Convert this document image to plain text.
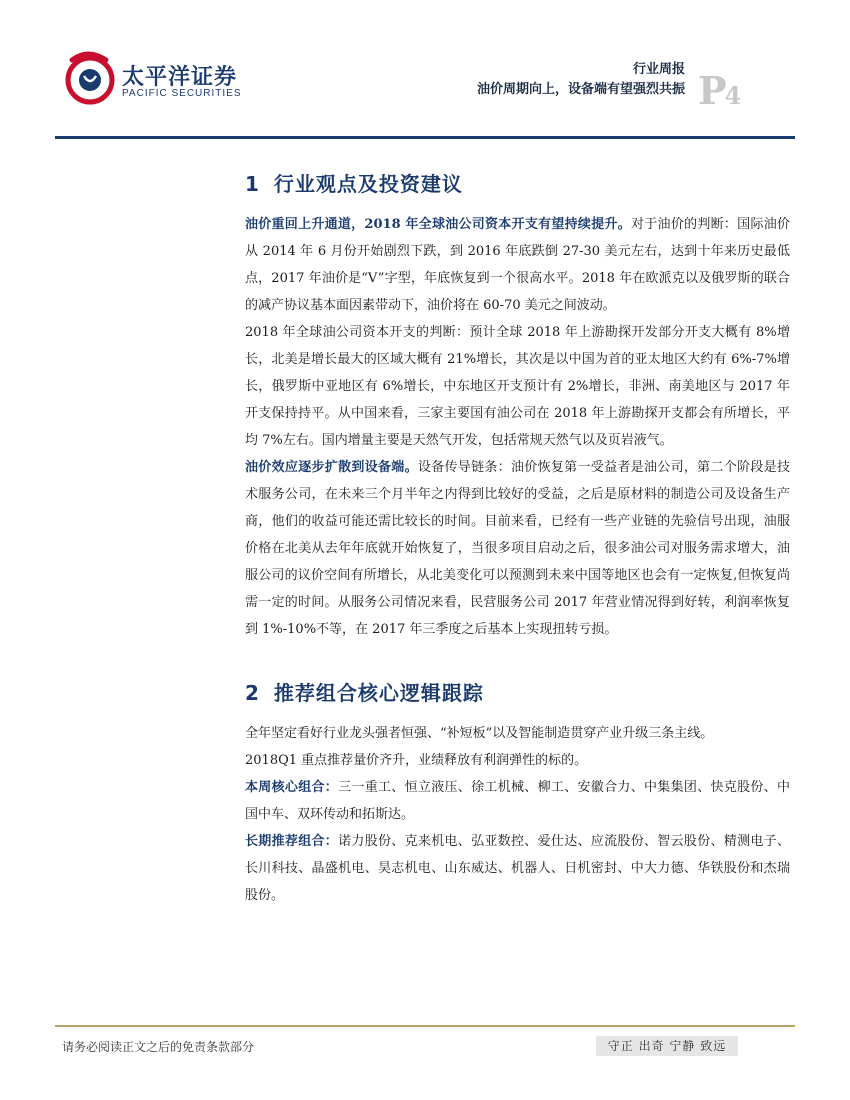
太平洋证券
PACIFIC SECURITIES
行业周报
油价周期向上，设备端有望强烈共振 P4
1 行业观点及投资建议

油价重回上升通道，2018 年全球油公司资本开支有望持续提升。对于油价的判断：国际油价从 2014 年 6 月份开始剧烈下跌，到 2016 年底跌倒 27-30 美元左右，达到十年来历史最低点，2017 年油价是“V”字型，年底恢复到一个很高水平。2018 年在欧派克以及俄罗斯的联合的减产协议基本面因素带动下，油价将在 60-70 美元之间波动。

2018 年全球油公司资本开支的判断：预计全球 2018 年上游勘探开发部分开支大概有 8%增长，北美是增长最大的区域大概有 21%增长，其次是以中国为首的亚太地区大约有 6%-7%增长，俄罗斯中亚地区有 6%增长，中东地区开支预计有 2%增长，非洲、南美地区与 2017 年开支保持持平。从中国来看，三家主要国有油公司在 2018 年上游勘探开支都会有所增长，平均 7%左右。国内增量主要是天然气开发，包括常规天然气以及页岩液气。

油价效应逐步扩散到设备端。设备传导链条：油价恢复第一受益者是油公司，第二个阶段是技术服务公司，在未来三个月半年之内得到比较好的受益，之后是原材料的制造公司及设备生产商，他们的收益可能还需比较长的时间。目前来看，已经有一些产业链的先验信号出现，油服价格在北美从去年年底就开始恢复了，当很多项目启动之后，很多油公司对服务需求增大，油服公司的议价空间有所增长，从北美变化可以预测到未来中国等地区也会有一定恢复,但恢复尚需一定的时间。从服务公司情况来看，民营服务公司 2017 年营业情况得到好转，利润率恢复到 1%-10%不等，在 2017 年三季度之后基本上实现扭转亏损。

2 推荐组合核心逻辑跟踪

全年坚定看好行业龙头强者恒强、“补短板”以及智能制造贯穿产业升级三条主线。

2018Q1 重点推荐量价齐升，业绩释放有利润弹性的标的。

本周核心组合：三一重工、恒立液压、徐工机械、柳工、安徽合力、中集集团、快克股份、中国中车、双环传动和拓斯达。

长期推荐组合：诺力股份、克来机电、弘亚数控、爱仕达、应流股份、智云股份、精测电子、长川科技、晶盛机电、昊志机电、山东威达、机器人、日机密封、中大力德、华铁股份和杰瑞股份。

请务必阅读正文之后的免责条款部分	守正 出奇 宁静 致远
